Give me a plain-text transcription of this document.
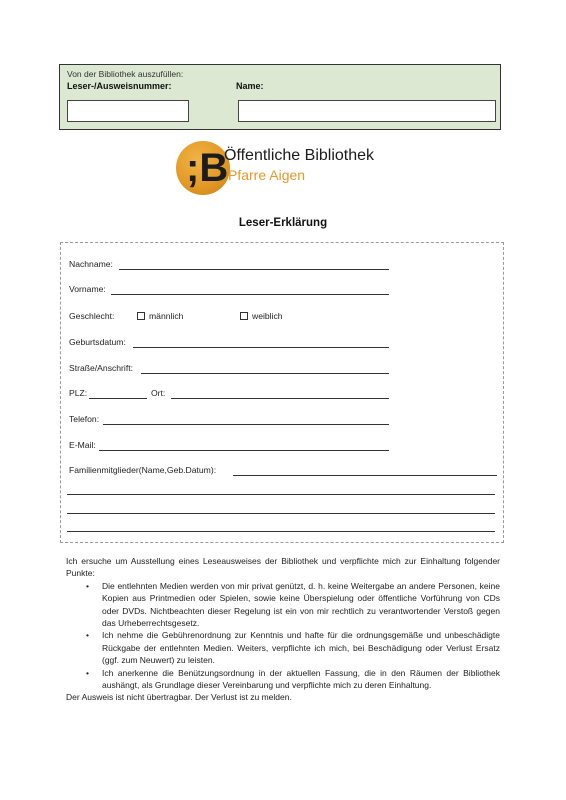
Von der Bibliothek auszufüllen:
Leser-/Ausweisnummer:	Name:
;B
Öffentliche Bibliothek
Pfarre Aigen
Leser-Erklärung
Nachname:
Vorname:
Geschlecht:	männlich	weiblich
Geburtsdatum:
Straße/Anschrift:
PLZ:	Ort:
Telefon:
E-Mail:
Familienmitglieder(Name,Geb.Datum):

Ich ersuche um Ausstellung eines Leseausweises der Bibliothek und verpflichte mich zur Einhaltung folgender Punkte:

• Die entlehnten Medien werden von mir privat genützt, d. h. keine Weitergabe an andere Personen, keine Kopien aus Printmedien oder Spielen, sowie keine Überspielung oder öffentliche Vorführung von CDs oder DVDs. Nichtbeachten dieser Regelung ist ein von mir rechtlich zu verantwortender Verstoß gegen das Urheberrechtsgesetz.
• Ich nehme die Gebührenordnung zur Kenntnis und hafte für die ordnungsgemäße und unbeschädigte Rückgabe der entlehnten Medien. Weiters, verpflichte ich mich, bei Beschädigung oder Verlust Ersatz (ggf. zum Neuwert) zu leisten.
• Ich anerkenne die Benützungsordnung in der aktuellen Fassung, die in den Räumen der Bibliothek aushängt, als Grundlage dieser Vereinbarung und verpflichte mich zu deren Einhaltung.

Der Ausweis ist nicht übertragbar. Der Verlust ist zu melden.
